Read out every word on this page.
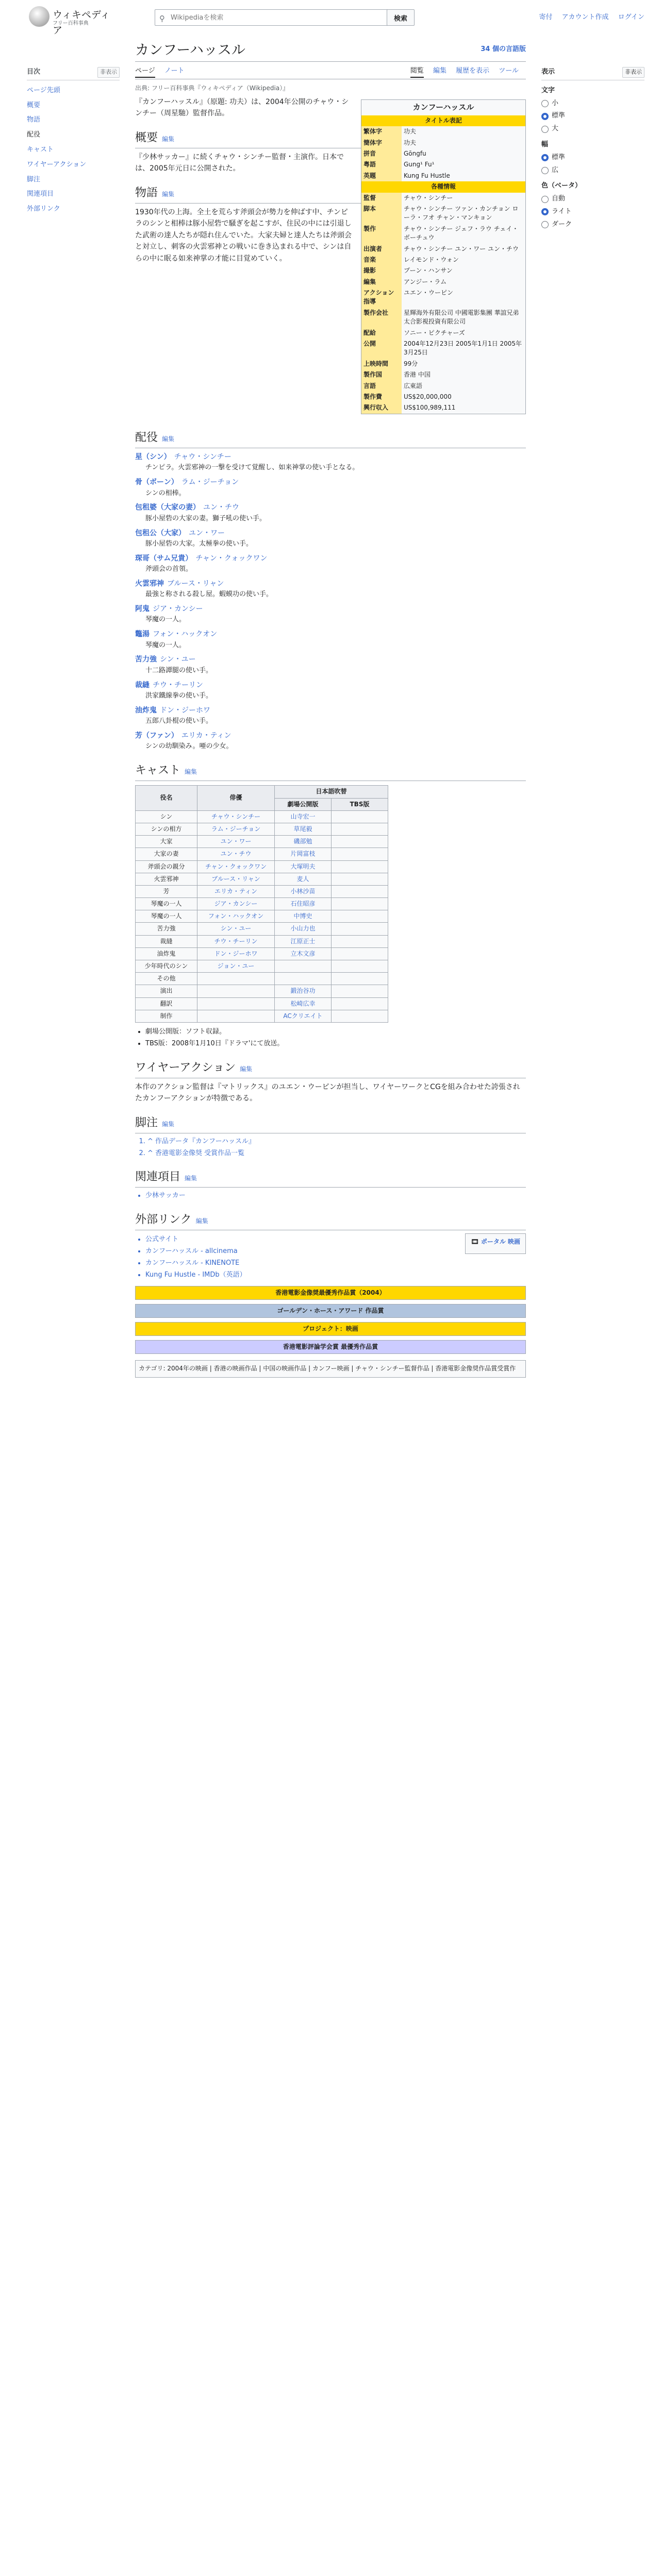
ウィキペディア
フリー百科事典
⚲
Wikipediaを検索	検索	寄付 アカウント作成 ログイン
目次	非表示
ページ先頭
概要
物語
配役
キャスト
ワイヤーアクション
脚注
関連項目
外部リンク
カンフーハッスル	34 個の言語版
ページ ノート	閲覧 編集 履歴を表示 ツール
出典: フリー百科事典『ウィキペディア（Wikipedia）』
カンフーハッスル
タイトル表記
繁体字	功夫
簡体字	功夫
拼音	Gōngfu
粤語	Gung¹ Fu¹
英題	Kung Fu Hustle
各種情報
監督	チャウ・シンチー
脚本	チャウ・シンチー ツァン・カンチョン ローラ・フオ チャン・マンキョン
製作	チャウ・シンチー ジェフ・ラウ チェイ・ボーチュウ
出演者	チャウ・シンチー ユン・ワー ユン・チウ
音楽	レイモンド・ウォン
撮影	プーン・ハンサン
編集	アンジー・ラム
アクション指導	ユエン・ウーピン
製作会社	星輝海外有限公司 中國電影集團 華誼兄弟太合影視投資有限公司
配給	ソニー・ピクチャーズ
公開	2004年12月23日 2005年1月1日 2005年3月25日
上映時間	99分
製作国	香港 中国
言語	広東語
製作費	US$20,000,000
興行収入	US$100,989,111

『カンフーハッスル』（原題: 功夫）は、2004年公開のチャウ・シンチー（周星馳）監督作品。

概要 編集

『少林サッカー』に続くチャウ・シンチー監督・主演作。日本では、2005年元日に公開された。

物語 編集

1930年代の上海。全土を荒らす斧頭会が勢力を伸ばす中、チンピラのシンと相棒は豚小屋砦で騒ぎを起こすが、住民の中には引退した武術の達人たちが隠れ住んでいた。大家夫婦と達人たちは斧頭会と対立し、刺客の火雲邪神との戦いに巻き込まれる中で、シンは自らの中に眠る如来神掌の才能に目覚めていく。

配役 編集
星（シン） チャウ・シンチー
チンピラ。火雲邪神の一撃を受けて覚醒し、如来神掌の使い手となる。
骨（ボーン） ラム・ジーチョン
シンの相棒。
包租婆（大家の妻） ユン・チウ
豚小屋砦の大家の妻。獅子吼の使い手。
包租公（大家） ユン・ワー
豚小屋砦の大家。太極拳の使い手。
琛哥（サム兄貴） チャン・クォックワン
斧頭会の首領。
火雲邪神 ブルース・リャン
最強と称される殺し屋。蝦蟆功の使い手。
阿鬼 ジア・カンシー
琴魔の一人。
鼈湯 フォン・ハックオン
琴魔の一人。
苦力強 シン・ユー
十二路譚腿の使い手。
裁縫 チウ・チーリン
洪家鐵線拳の使い手。
油炸鬼 ドン・ジーホワ
五郎八卦棍の使い手。
芳（ファン） エリカ・ティン
シンの幼馴染み。唖の少女。
キャスト 編集
役名	俳優	日本語吹替	
		劇場公開版	TBS版
シン	チャウ・シンチー	山寺宏一	
シンの相方	ラム・ジーチョン	草尾毅	
大家	ユン・ワー	磯部勉	
大家の妻	ユン・チウ	片岡富枝	
斧頭会の親分	チャン・クォックワン	大塚明夫	
火雲邪神	ブルース・リャン	麦人	
芳	エリカ・ティン	小林沙苗	
琴魔の一人	ジア・カンシー	石住昭彦	
琴魔の一人	フォン・ハックオン	中博史	
苦力強	シン・ユー	小山力也	
裁縫	チウ・チーリン	江原正士	
油炸鬼	ドン・ジーホワ	立木文彦	
少年時代のシン	ジョン・ユー		
その他			
演出		鍛治谷功	
翻訳		松崎広幸	
制作		ACクリエイト	
• 劇場公開版：ソフト収録。
• TBS版：2008年1月10日『ドラマ'にて放送。
ワイヤーアクション 編集

本作のアクション監督は『マトリックス』のユエン・ウーピンが担当し、ワイヤーワークとCGを組み合わせた誇張されたカンフーアクションが特徴である。

脚注 編集
1. ^ 作品データ『カンフーハッスル』
2. ^ 香港電影金像奨 受賞作品一覧
関連項目 編集
• 少林サッカー
外部リンク 編集
• 公式サイト
• カンフーハッスル - allcinema
• カンフーハッスル - KINENOTE
• Kung Fu Hustle - IMDb（英語）
🎞 ポータル 映画
香港電影金像奨最優秀作品賞（2004）
ゴールデン・ホース・アワード 作品賞
プロジェクト：映画
香港電影評論学会賞 最優秀作品賞
カテゴリ: 2004年の映画 | 香港の映画作品 | 中国の映画作品 | カンフー映画 | チャウ・シンチー監督作品 | 香港電影金像奨作品賞受賞作
表示	非表示
文字
小
標準
大
幅
標準
広
色（ベータ）
自動
ライト
ダーク
